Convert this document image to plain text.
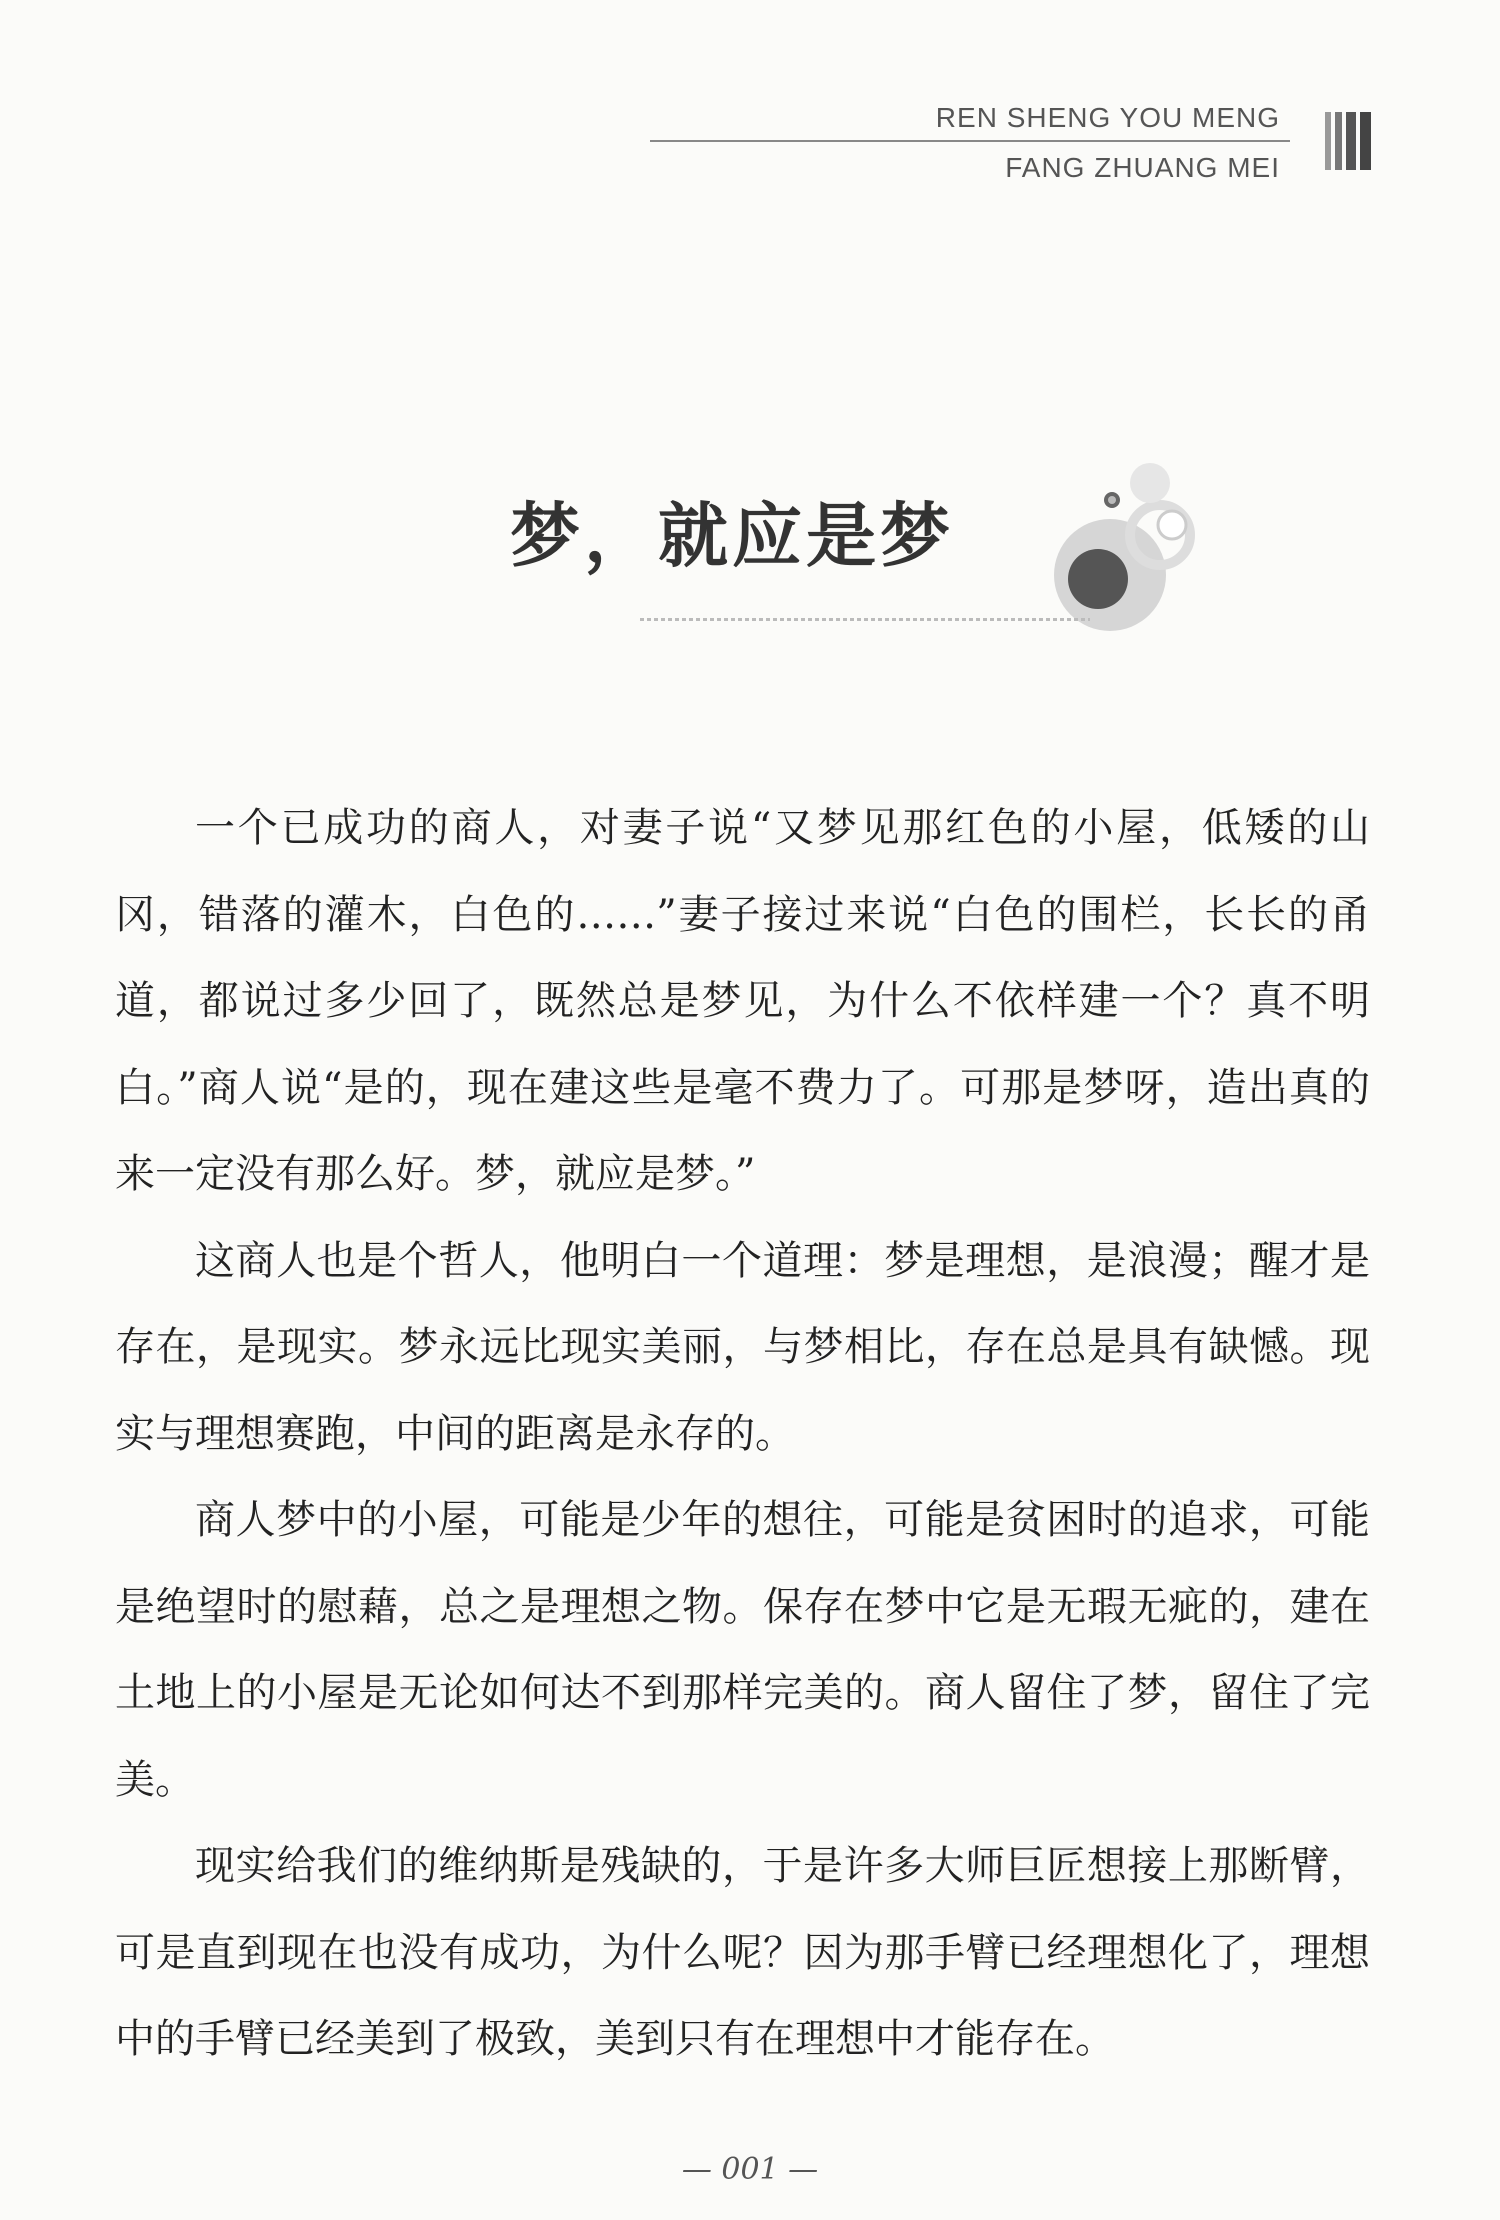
REN SHENG YOU MENG
FANG ZHUANG MEI
梦，就应是梦

一个已成功的商人，对妻子说“又梦见那红色的小屋，低矮的山冈，错落的灌木，白色的……”妻子接过来说“白色的围栏，长长的甬道，都说过多少回了，既然总是梦见，为什么不依样建一个？真不明白。”商人说“是的，现在建这些是毫不费力了。可那是梦呀，造出真的来一定没有那么好。梦，就应是梦。”

这商人也是个哲人，他明白一个道理：梦是理想，是浪漫；醒才是存在，是现实。梦永远比现实美丽，与梦相比，存在总是具有缺憾。现实与理想赛跑，中间的距离是永存的。

商人梦中的小屋，可能是少年的想往，可能是贫困时的追求，可能是绝望时的慰藉，总之是理想之物。保存在梦中它是无瑕无疵的，建在土地上的小屋是无论如何达不到那样完美的。商人留住了梦，留住了完美。

现实给我们的维纳斯是残缺的，于是许多大师巨匠想接上那断臂，可是直到现在也没有成功，为什么呢？因为那手臂已经理想化了，理想中的手臂已经美到了极致，美到只有在理想中才能存在。

— 001 —
